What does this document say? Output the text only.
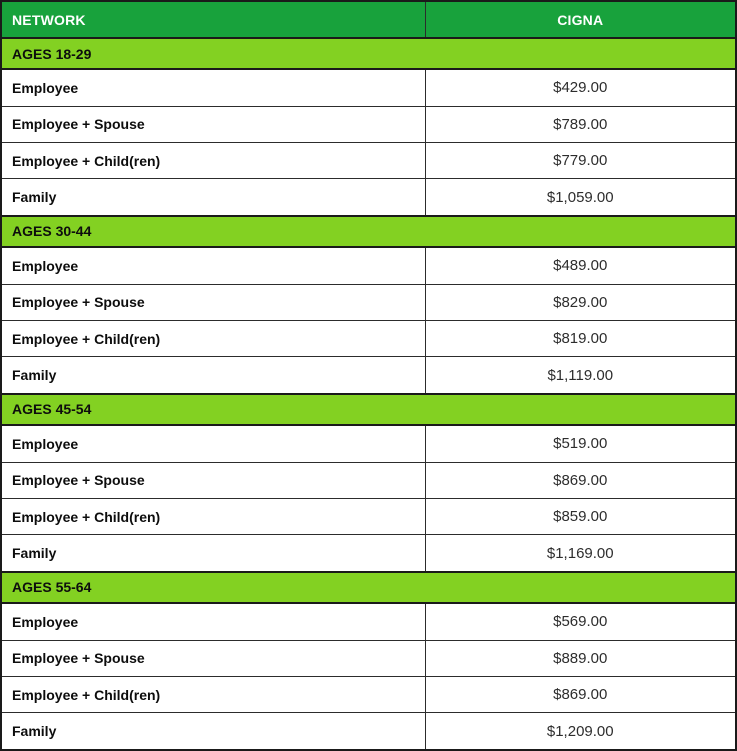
NETWORK	CIGNA
AGES 18-29	
Employee	$429.00
Employee + Spouse	$789.00
Employee + Child(ren)	$779.00
Family	$1,059.00
AGES 30-44	
Employee	$489.00
Employee + Spouse	$829.00
Employee + Child(ren)	$819.00
Family	$1,119.00
AGES 45-54	
Employee	$519.00
Employee + Spouse	$869.00
Employee + Child(ren)	$859.00
Family	$1,169.00
AGES 55-64	
Employee	$569.00
Employee + Spouse	$889.00
Employee + Child(ren)	$869.00
Family	$1,209.00
